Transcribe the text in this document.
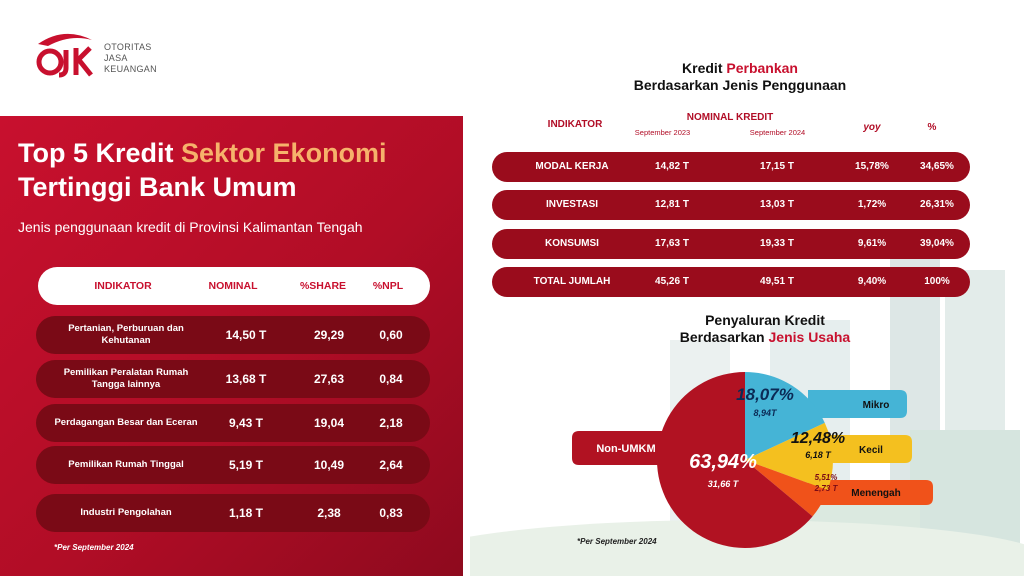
OTORITAS
JASA
KEUANGAN
Top 5 Kredit Sektor Ekonomi
Tertinggi Bank Umum
Jenis penggunaan kredit di Provinsi Kalimantan Tengah
INDIKATOR	NOMINAL	%SHARE	%NPL
Pertanian, Perburuan dan Kehutanan	14,50 T	29,29	0,60
Pemilikan Peralatan Rumah Tangga lainnya	13,68 T	27,63	0,84
Perdagangan Besar dan Eceran	9,43 T	19,04	2,18
Pemilikan Rumah Tinggal	5,19 T	10,49	2,64
Industri Pengolahan	1,18 T	2,38	0,83
*Per September 2024
Kredit Perbankan
Berdasarkan Jenis Penggunaan
INDIKATOR
NOMINAL KREDIT
September 2023	September 2024	yoy	%
MODAL KERJA	14,82 T	17,15 T	15,78%	34,65%
INVESTASI	12,81 T	13,03 T	1,72%	26,31%
KONSUMSI	17,63 T	19,33 T	9,61%	39,04%
TOTAL JUMLAH	45,26 T	49,51 T	9,40%	100%
Penyaluran Kredit
Berdasarkan Jenis Usaha
18,07%
8,94T
Mikro
12,48%
6,18 T	Kecil
5,51%
2,73 T Menengah
63,94%
31,66 T
Non-UMKM
*Per September 2024
